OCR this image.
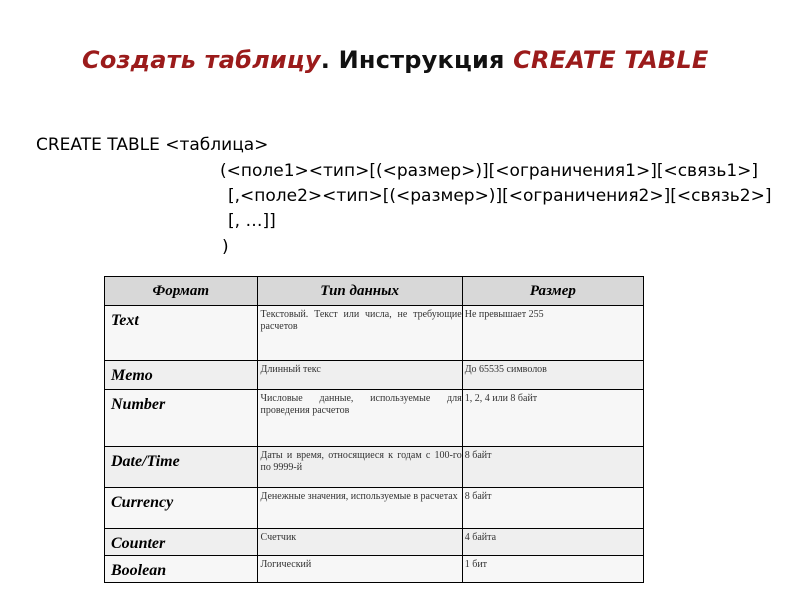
Создать таблицу. Инструкция CREATE TABLE
CREATE TABLE <таблица>
(<поле1><тип>[(<размер>)][<ограничения1>][<связь1>]
[,<поле2><тип>[(<размер>)][<ограничения2>][<связь2>]
[, …]]
)
Формат	Тип данных	Размер
Text	Текстовый. Текст или числа, не требующие расчетов	Не превышает 255
Memo	Длинный текс	До 65535 символов
Number	Числовые данные, используемые для проведения расчетов	1, 2, 4 или 8 байт
Date/Time	Даты и время, относящиеся к годам с 100-го по 9999-й	8 байт
Currency	Денежные значения, используемые в расчетах	8 байт
Counter	Счетчик	4 байта
Boolean	Логический	1 бит
